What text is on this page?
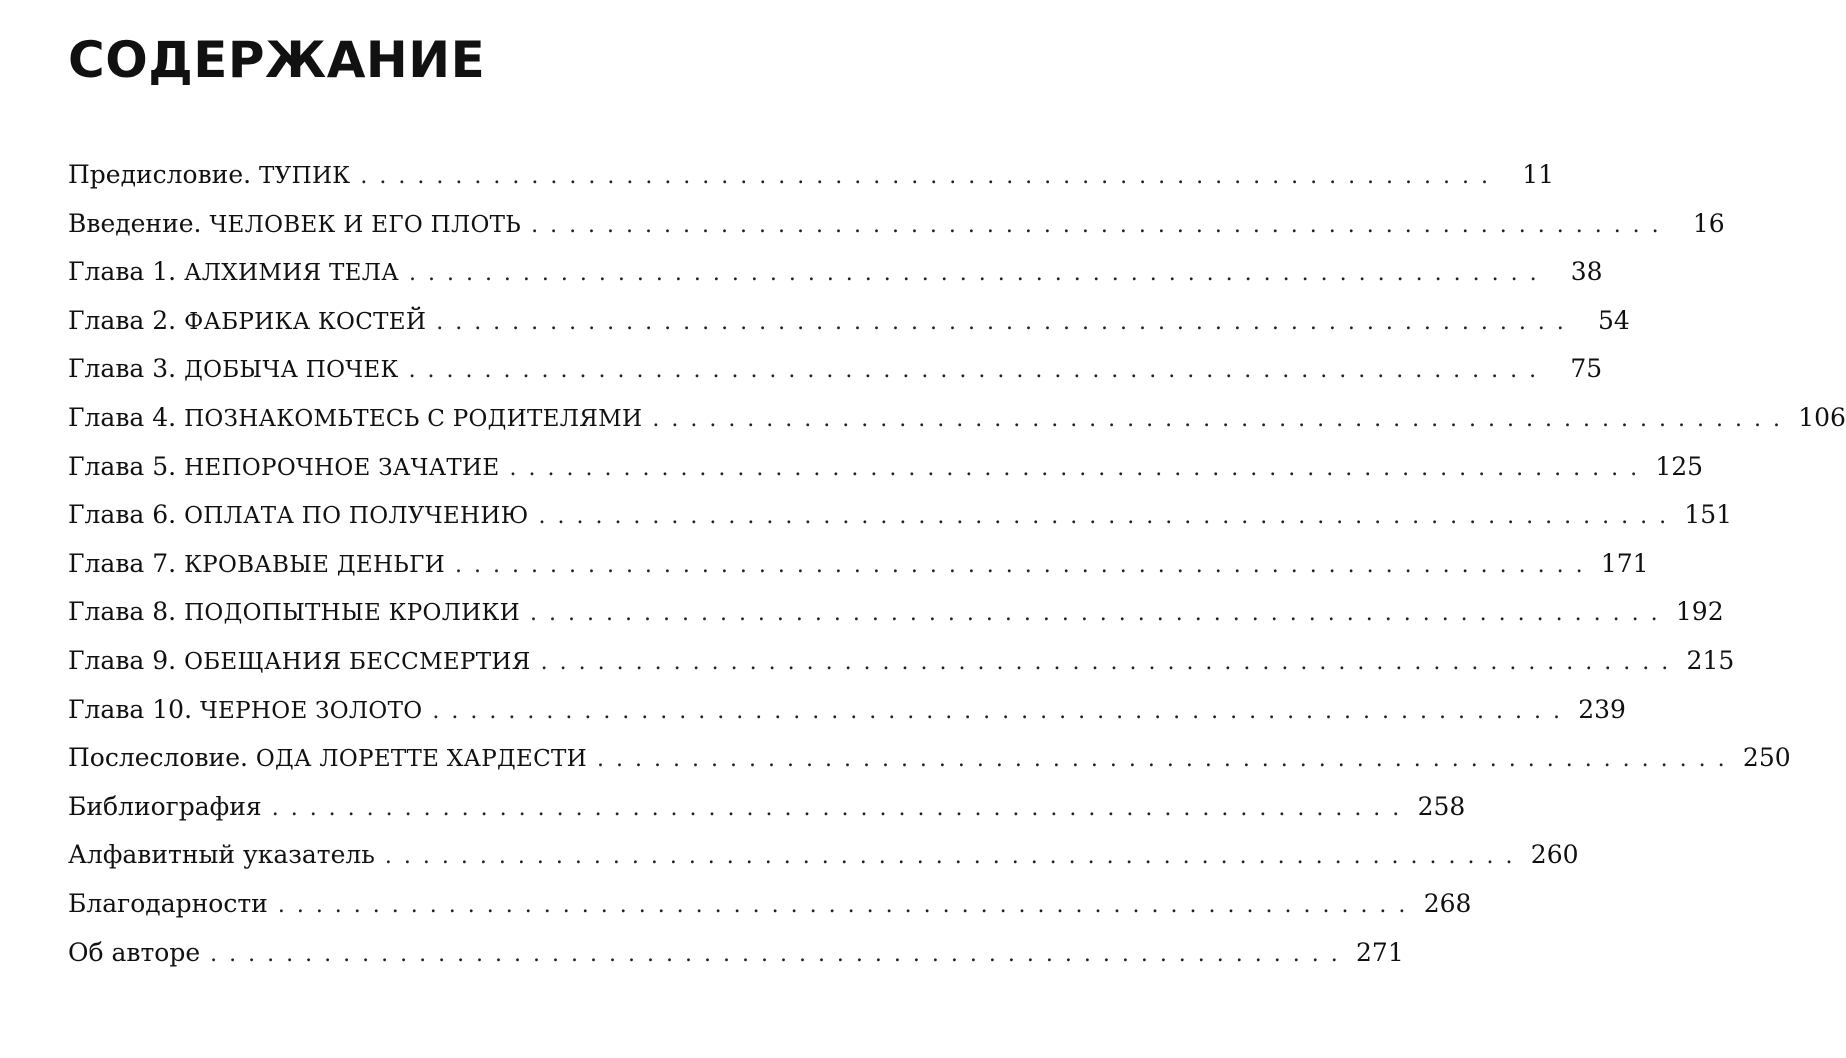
СОДЕРЖАНИЕ
Предисловие.
ТУПИК ............................................................ 11
Введение.
ЧЕЛОВЕК И ЕГО ПЛОТЬ ............................................................ 16
Глава 1.
АЛХИМИЯ ТЕЛА ............................................................ 38
Глава 2.
ФАБРИКА КОСТЕЙ ............................................................ 54
Глава 3.
ДОБЫЧА ПОЧЕК ............................................................ 75
Глава 4.
ПОЗНАКОМЬТЕСЬ С РОДИТЕЛЯМИ ............................................................ 106
Глава 5.
НЕПОРОЧНОЕ ЗАЧАТИЕ ............................................................ 125
Глава 6.
ОПЛАТА ПО ПОЛУЧЕНИЮ ............................................................ 151
Глава 7.
КРОВАВЫЕ ДЕНЬГИ ............................................................ 171
Глава 8.
ПОДОПЫТНЫЕ КРОЛИКИ ............................................................ 192
Глава 9.
ОБЕЩАНИЯ БЕССМЕРТИЯ ............................................................ 215
Глава 10.
ЧЕРНОЕ ЗОЛОТО ............................................................ 239
Послесловие.
ОДА ЛОРЕТТЕ ХАРДЕСТИ ............................................................ 250
Библиография ............................................................ 258
Алфавитный указатель ............................................................ 260
Благодарности ............................................................ 268
Об авторе ............................................................ 271
